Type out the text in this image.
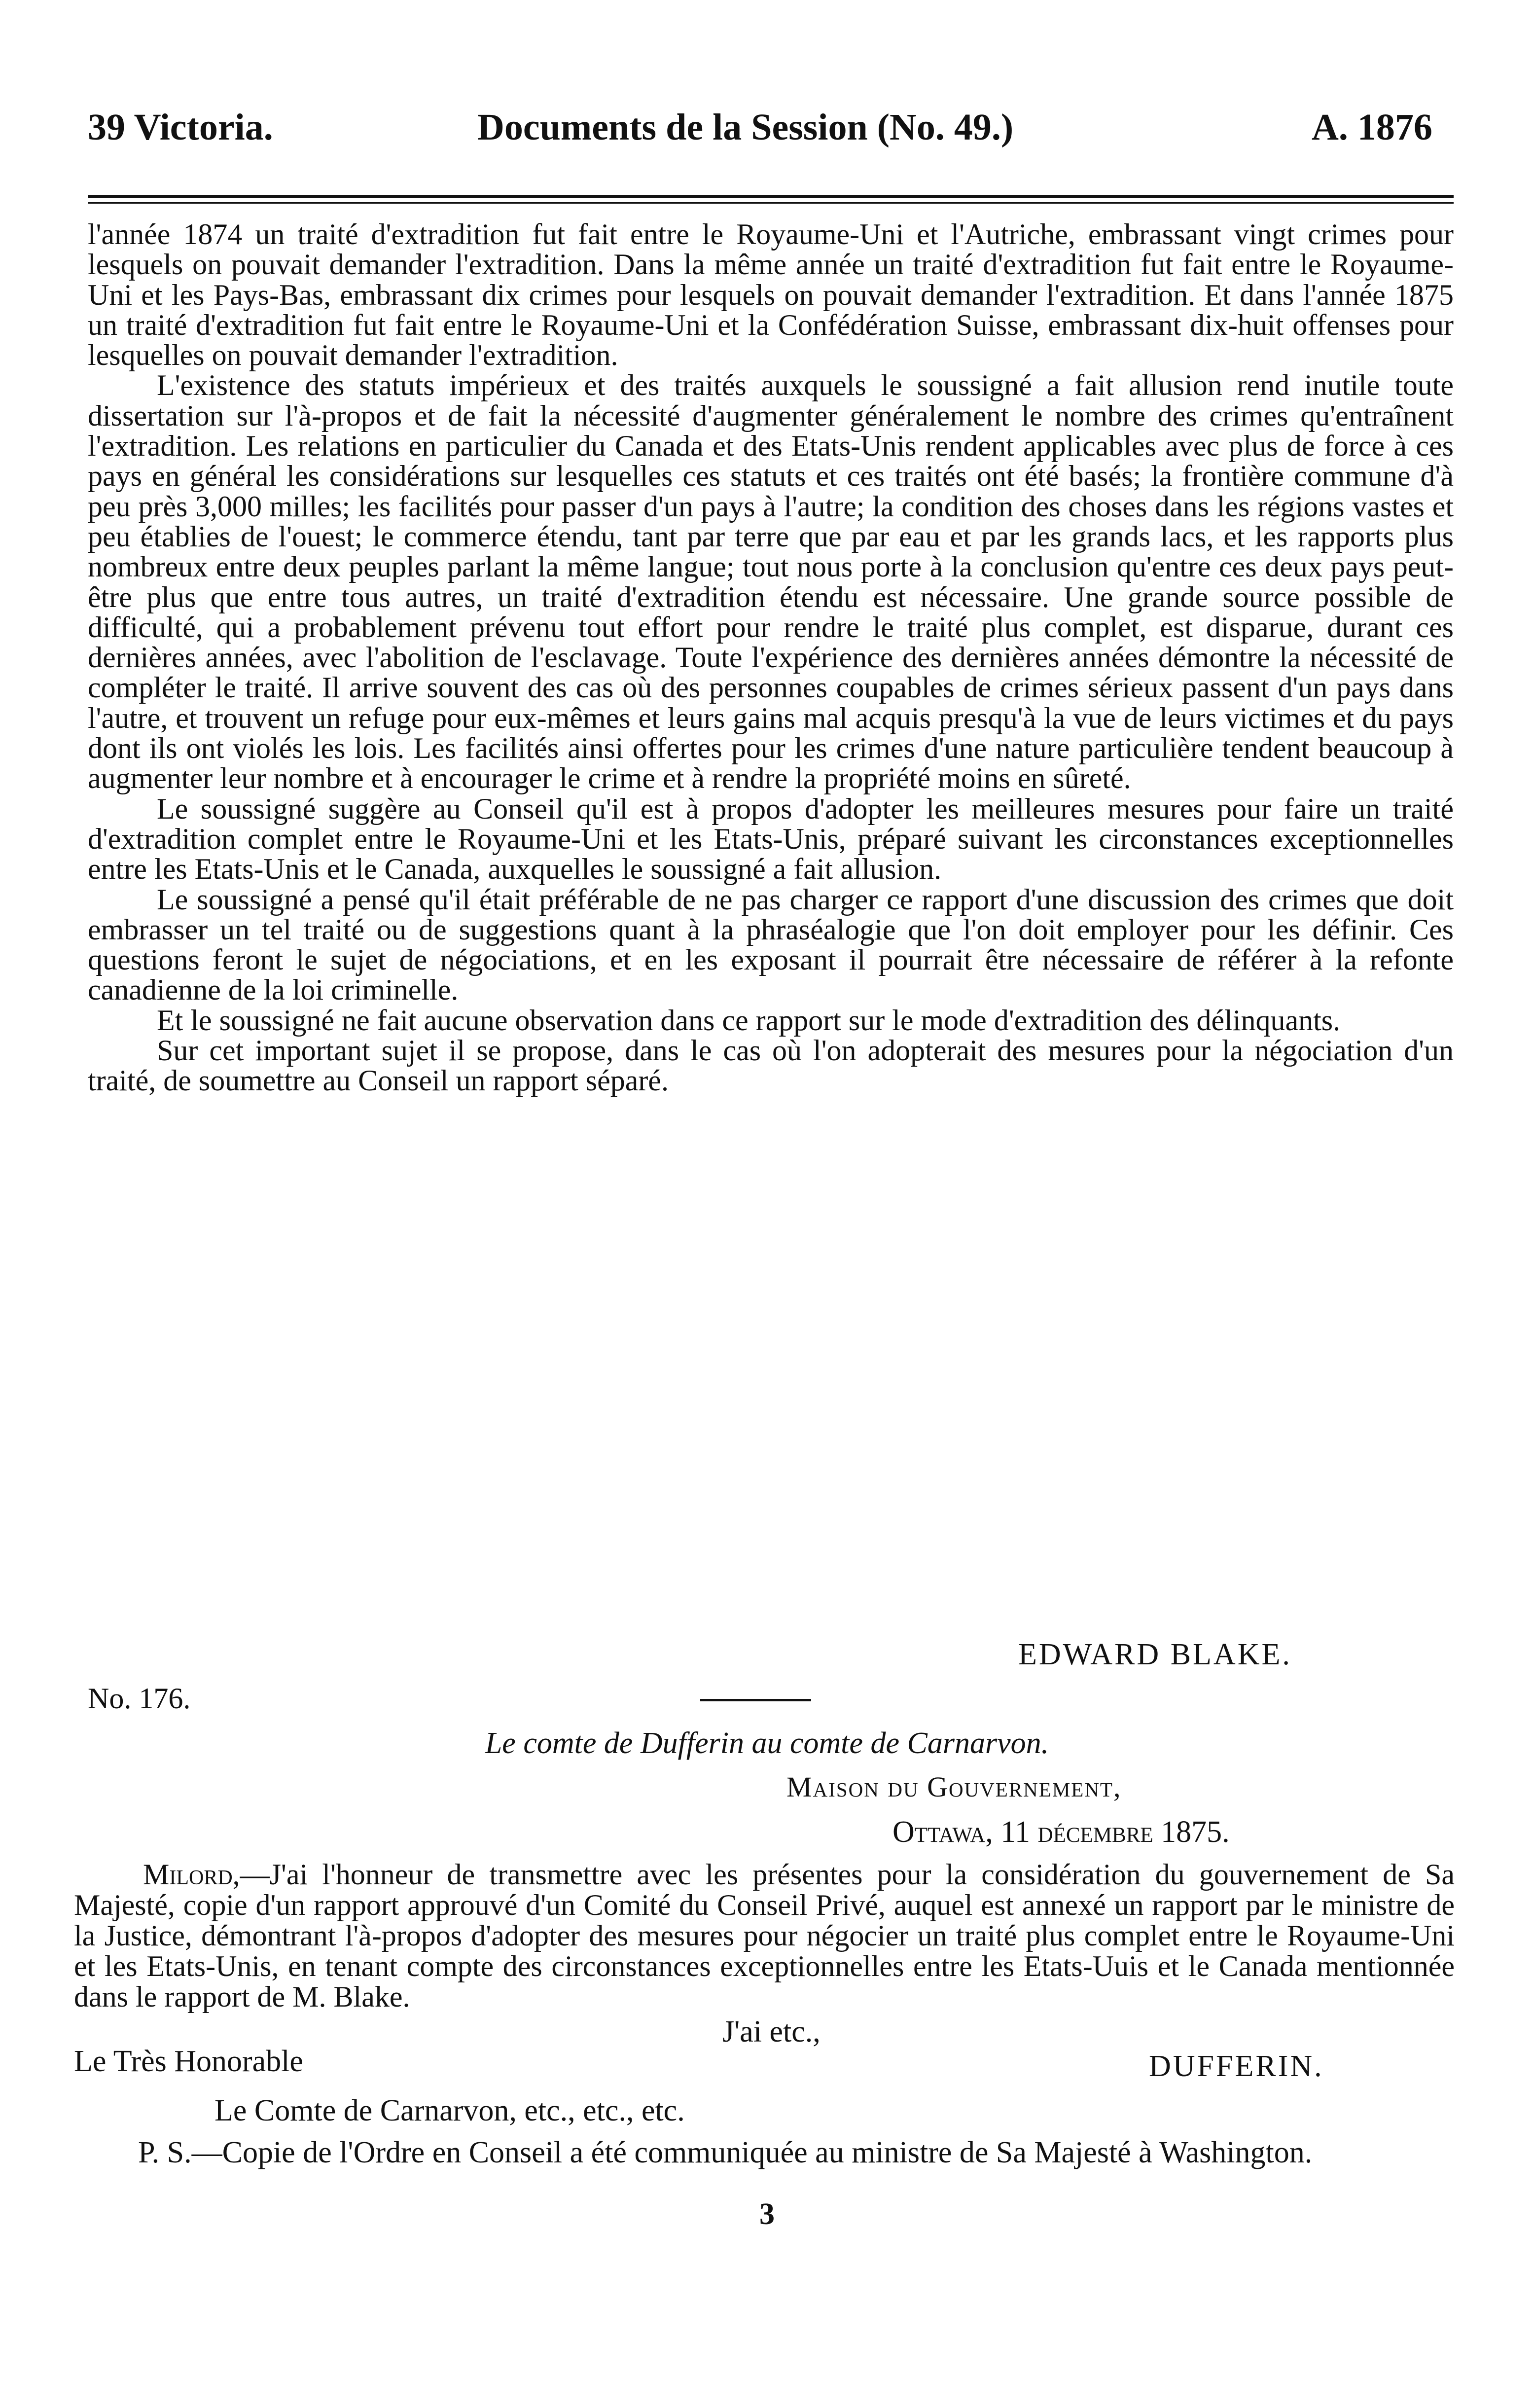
39 Victoria.	Documents de la Session (No. 49.)	A. 1876

l'année 1874 un traité d'extradition fut fait entre le Royaume-Uni et l'Autriche, embrassant vingt crimes pour lesquels on pouvait demander l'extradition. Dans la même année un traité d'extradition fut fait entre le Royaume-Uni et les Pays-Bas, embrassant dix crimes pour lesquels on pouvait demander l'extradition. Et dans l'année 1875 un traité d'extradition fut fait entre le Royaume-Uni et la Confédération Suisse, embrassant dix-huit offenses pour lesquelles on pouvait demander l'extradition.

L'existence des statuts impérieux et des traités auxquels le soussigné a fait allusion rend inutile toute dissertation sur l'à-propos et de fait la nécessité d'augmenter généralement le nombre des crimes qu'entraînent l'extradition. Les relations en particulier du Canada et des Etats-Unis rendent applicables avec plus de force à ces pays en général les considérations sur lesquelles ces statuts et ces traités ont été basés; la frontière commune d'à peu près 3,000 milles; les facilités pour passer d'un pays à l'autre; la condition des choses dans les régions vastes et peu établies de l'ouest; le commerce étendu, tant par terre que par eau et par les grands lacs, et les rapports plus nombreux entre deux peuples parlant la même langue; tout nous porte à la conclusion qu'entre ces deux pays peut-être plus que entre tous autres, un traité d'extradition étendu est nécessaire. Une grande source possible de difficulté, qui a probablement prévenu tout effort pour rendre le traité plus complet, est disparue, durant ces dernières années, avec l'abolition de l'esclavage. Toute l'expérience des dernières années démontre la nécessité de compléter le traité. Il arrive souvent des cas où des personnes coupables de crimes sérieux passent d'un pays dans l'autre, et trouvent un refuge pour eux-mêmes et leurs gains mal acquis presqu'à la vue de leurs victimes et du pays dont ils ont violés les lois. Les facilités ainsi offertes pour les crimes d'une nature particulière tendent beaucoup à augmenter leur nombre et à encourager le crime et à rendre la propriété moins en sûreté.

Le soussigné suggère au Conseil qu'il est à propos d'adopter les meilleures mesures pour faire un traité d'extradition complet entre le Royaume-Uni et les Etats-Unis, préparé suivant les circonstances exceptionnelles entre les Etats-Unis et le Canada, auxquelles le soussigné a fait allusion.

Le soussigné a pensé qu'il était préférable de ne pas charger ce rapport d'une discussion des crimes que doit embrasser un tel traité ou de suggestions quant à la phraséalogie que l'on doit employer pour les définir. Ces questions feront le sujet de négociations, et en les exposant il pourrait être nécessaire de référer à la refonte canadienne de la loi criminelle.

Et le soussigné ne fait aucune observation dans ce rapport sur le mode d'extradition des délinquants.

Sur cet important sujet il se propose, dans le cas où l'on adopterait des mesures pour la négociation d'un traité, de soumettre au Conseil un rapport séparé.

EDWARD BLAKE.
No. 176.
Le comte de Dufferin au comte de Carnarvon.
Maison du Gouvernement,
Ottawa, 11 décembre 1875.

Milord,—J'ai l'honneur de transmettre avec les présentes pour la considération du gouvernement de Sa Majesté, copie d'un rapport approuvé d'un Comité du Conseil Privé, auquel est annexé un rapport par le ministre de la Justice, démontrant l'à-propos d'adopter des mesures pour négocier un traité plus complet entre le Royaume-Uni et les Etats-Unis, en tenant compte des circonstances exceptionnelles entre les Etats-Uuis et le Canada mentionnée dans le rapport de M. Blake.

J'ai etc.,
Le Très Honorable	DUFFERIN.
Le Comte de Carnarvon, etc., etc., etc.
P. S.—Copie de l'Ordre en Conseil a été communiquée au ministre de Sa Majesté à Washington.
3
